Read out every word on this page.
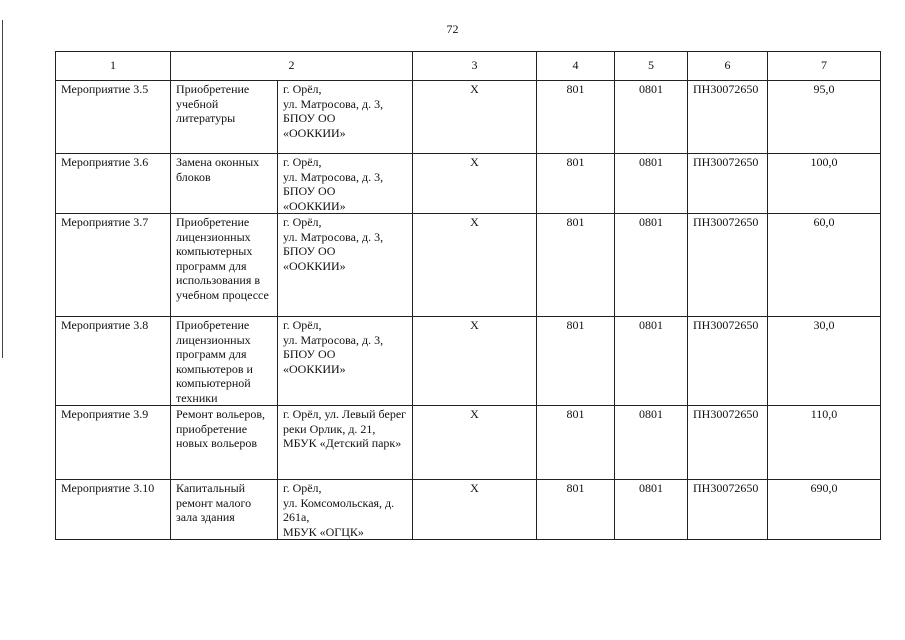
72
1	2		3	4	5	6	7
Мероприятие 3.5	Приобретение учебной литературы	г. Орёл,
ул. Матросова, д. 3,
БПОУ ОО
«ООККИИ»	Х	801	0801	ПН30072650	95,0
Мероприятие 3.6	Замена оконных блоков	г. Орёл,
ул. Матросова, д. 3,
БПОУ ОО
«ООККИИ»	Х	801	0801	ПН30072650	100,0
Мероприятие 3.7	Приобретение лицензионных компьютерных программ для использования в учебном процессе	г. Орёл,
ул. Матросова, д. 3,
БПОУ ОО
«ООККИИ»	Х	801	0801	ПН30072650	60,0
Мероприятие 3.8	Приобретение лицензионных программ для компьютеров и компьютерной техники	г. Орёл,
ул. Матросова, д. 3,
БПОУ ОО
«ООККИИ»	Х	801	0801	ПН30072650	30,0
Мероприятие 3.9	Ремонт вольеров, приобретение новых вольеров	г. Орёл, ул. Левый берег реки Орлик, д. 21,
МБУК «Детский парк»	Х	801	0801	ПН30072650	110,0
Мероприятие 3.10	Капитальный ремонт малого зала здания	г. Орёл,
ул. Комсомольская, д. 261а,
МБУК «ОГЦК»	Х	801	0801	ПН30072650	690,0
